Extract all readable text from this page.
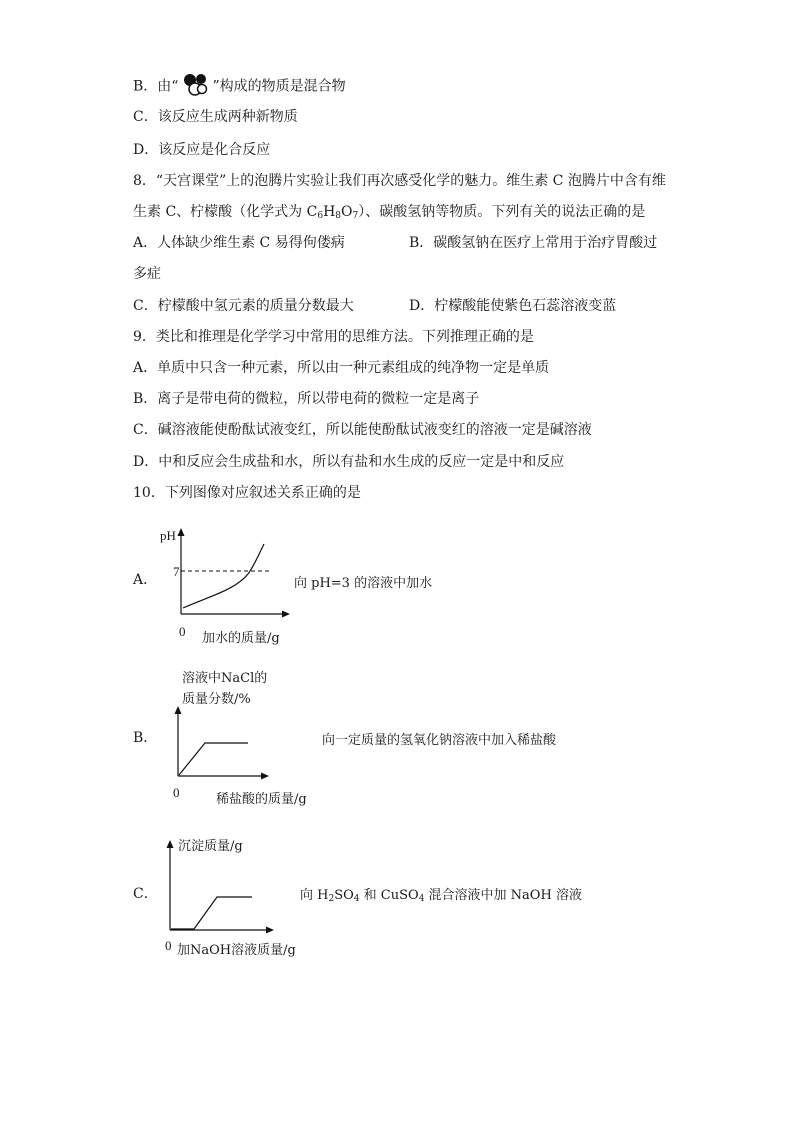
B．由“ ”构成的物质是混合物
C．该反应生成两种新物质
D．该反应是化合反应
8．“天宫课堂”上的泡腾片实验让我们再次感受化学的魅力。维生素 C 泡腾片中含有维
生素 C、柠檬酸（化学式为 $C_6H_8O_7$）、碳酸氢钠等物质。下列有关的说法正确的是
A．人体缺少维生素 C 易得佝偻病	B．碳酸氢钠在医疗上常用于治疗胃酸过
多症
C．柠檬酸中氢元素的质量分数最大	D．柠檬酸能使紫色石蕊溶液变蓝
9．类比和推理是化学学习中常用的思维方法。下列推理正确的是
A．单质中只含一种元素，所以由一种元素组成的纯净物一定是单质
B．离子是带电荷的微粒，所以带电荷的微粒一定是离子
C．碱溶液能使酚酞试液变红，所以能使酚酞试液变红的溶液一定是碱溶液
D．中和反应会生成盐和水，所以有盐和水生成的反应一定是中和反应
10．下列图像对应叙述关系正确的是
A．
pH
7
0 加水的质量/g
向 pH=3 的溶液中加水
B．
溶液中NaCl的
质量分数/%
0	稀盐酸的质量/g
向一定质量的氢氧化钠溶液中加入稀盐酸
C．
沉淀质量/g
0 加NaOH溶液质量/g
向 $H_2SO_4$ 和 CuSO$_4$ 混合溶液中加 NaOH 溶液
